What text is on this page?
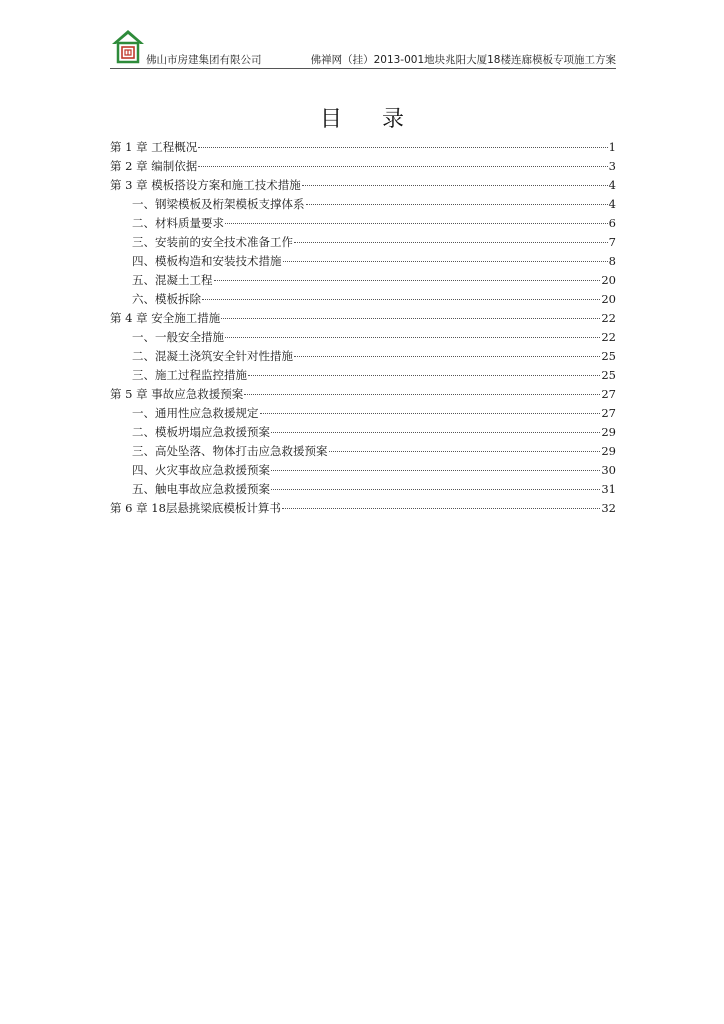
佛山市房建集团有限公司	佛禅网（挂）2013-001地块兆阳大厦18楼连廊模板专项施工方案
目录
第 1 章 工程概况	1
第 2 章 编制依据	3
第 3 章 模板搭设方案和施工技术措施	4
一、钢梁模板及桁架模板支撑体系	4
二、材料质量要求	6
三、安装前的安全技术准备工作	7
四、模板构造和安装技术措施	8
五、混凝土工程	20
六、模板拆除	20
第 4 章 安全施工措施	22
一、一般安全措施	22
二、混凝土浇筑安全针对性措施	25
三、施工过程监控措施	25
第 5 章 事故应急救援预案	27
一、通用性应急救援规定	27
二、模板坍塌应急救援预案	29
三、高处坠落、物体打击应急救援预案	29
四、火灾事故应急救援预案	30
五、触电事故应急救援预案	31
第 6 章 18层悬挑梁底模板计算书	32
